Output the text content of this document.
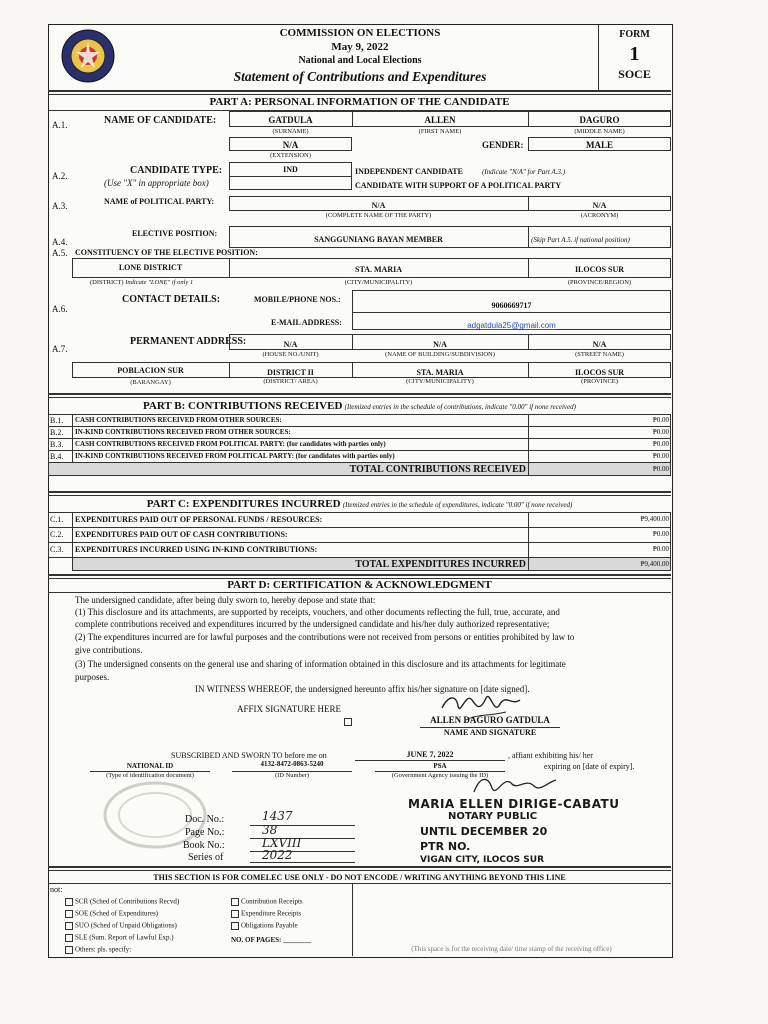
COMMISSION ON ELECTIONS
May 9, 2022
National and Local Elections
Statement of Contributions and Expenditures
FORM
1
SOCE
PART A: PERSONAL INFORMATION OF THE CANDIDATE
A.1.	NAME OF CANDIDATE:	GATDULA	ALLEN	DAGURO
(SURNAME)	(FIRST NAME)	(MIDDLE NAME)
N/A
(EXTENSION)
GENDER:	MALE
A.2.	CANDIDATE TYPE:
(Use "X" in appropriate box)
IND	INDEPENDENT CANDIDATE	(Indicate "N/A" for Part A.3.)
CANDIDATE WITH SUPPORT OF A POLITICAL PARTY
A.3.	NAME of POLITICAL PARTY:	N/A	N/A
(COMPLETE NAME OF THE PARTY)	(ACRONYM)
A.4.
ELECTIVE POSITION:
SANGGUNIANG BAYAN MEMBER	(Skip Part A.5. if national position)
A.5. CONSTITUENCY OF THE ELECTIVE POSITION:
LONE DISTRICT	STA. MARIA	ILOCOS SUR
(DISTRICT) Indicate "LONE" if only 1	(CITY/MUNICIPALITY)	(PROVINCE/REGION)
A.6.
CONTACT DETAILS:	MOBILE/PHONE NOS.:
9060669717
E-MAIL ADDRESS:	adgatdula25@gmail.com
A.7.
PERMANENT ADDRESS:	N/A	N/A	N/A
(HOUSE NO./UNIT)	(NAME OF BUILDING/SUBDIVISION)	(STREET NAME)
POBLACION SUR	DISTRICT II	STA. MARIA	ILOCOS SUR
(BARANGAY)	(DISTRICT/ AREA)	(CITY/MUNICIPALITY)	(PROVINCE)
PART B: CONTRIBUTIONS RECEIVED (Itemized entries in the schedule of contributions, indicate "0.00" if none received)
B.1. CASH CONTRIBUTIONS RECEIVED FROM OTHER SOURCES:	₱0.00
B.2. IN-KIND CONTRIBUTIONS RECEIVED FROM OTHER SOURCES:	₱0.00
B.3. CASH CONTRIBUTIONS RECEIVED FROM POLITICAL PARTY: (for candidates with parties only)	₱0.00
B.4. IN-KIND CONTRIBUTIONS RECEIVED FROM POLITICAL PARTY: (for candidates with parties only)	₱0.00
TOTAL CONTRIBUTIONS RECEIVED	₱0.00
PART C: EXPENDITURES INCURRED (Itemized entries in the schedule of expenditures, indicate "0.00" if none received)
C.1. EXPENDITURES PAID OUT OF PERSONAL FUNDS / RESOURCES:	₱9,400.00
C.2. EXPENDITURES PAID OUT OF CASH CONTRIBUTIONS:	₱0.00
C.3. EXPENDITURES INCURRED USING IN-KIND CONTRIBUTIONS:	₱0.00
TOTAL EXPENDITURES INCURRED	₱9,400.00
PART D: CERTIFICATION & ACKNOWLEDGMENT
The undersigned candidate, after being duly sworn to, hereby depose and state that:
(1) This disclosure and its attachments, are supported by receipts, vouchers, and other documents reflecting the full, true, accurate, and
complete contributions received and expenditures incurred by the undersigned candidate and his/her duly authorized representative;
(2) The expenditures incurred are for lawful purposes and the contributions were not received from persons or entities prohibited by law to
give contributions.
(3) The undersigned consents on the general use and sharing of information obtained in this disclosure and its attachments for legitimate
purposes.
IN WITNESS WHEREOF, the undersigned hereunto affix his/her signature on [date signed].
AFFIX SIGNATURE HERE
ALLEN DAGURO GATDULA
NAME AND SIGNATURE
SUBSCRIBED AND SWORN TO before me on	JUNE 7, 2022	, affiant exhibiting his/ her
NATIONAL ID
(Type of identification document)
4132-8472-0863-5240
(ID Number)
PSA
(Government Agency issuing the ID)
expiring on [date of expiry].
MARIA ELLEN DIRIGE-CABATU
NOTARY PUBLIC
UNTIL DECEMBER 20
PTR NO.
VIGAN CITY, ILOCOS SUR
Doc. No.:	1437
Page No.:	38
Book No.:	LXVIII
Series of	2022
THIS SECTION IS FOR COMELEC USE ONLY - DO NOT ENCODE / WRITING ANYTHING BEYOND THIS LINE
not:
SCR (Sched of Contributions Recvd)
SOE (Sched of Expenditures)
SUO (Sched of Unpaid Obligations)
SLE (Sum. Report of Lawful Exp.)
Others: pls. specify:
Contribution Receipts
Expenditure Receipts
Obligations Payable
NO. OF PAGES: ________
(This space is for the receiving date/ time stamp of the receiving office)
